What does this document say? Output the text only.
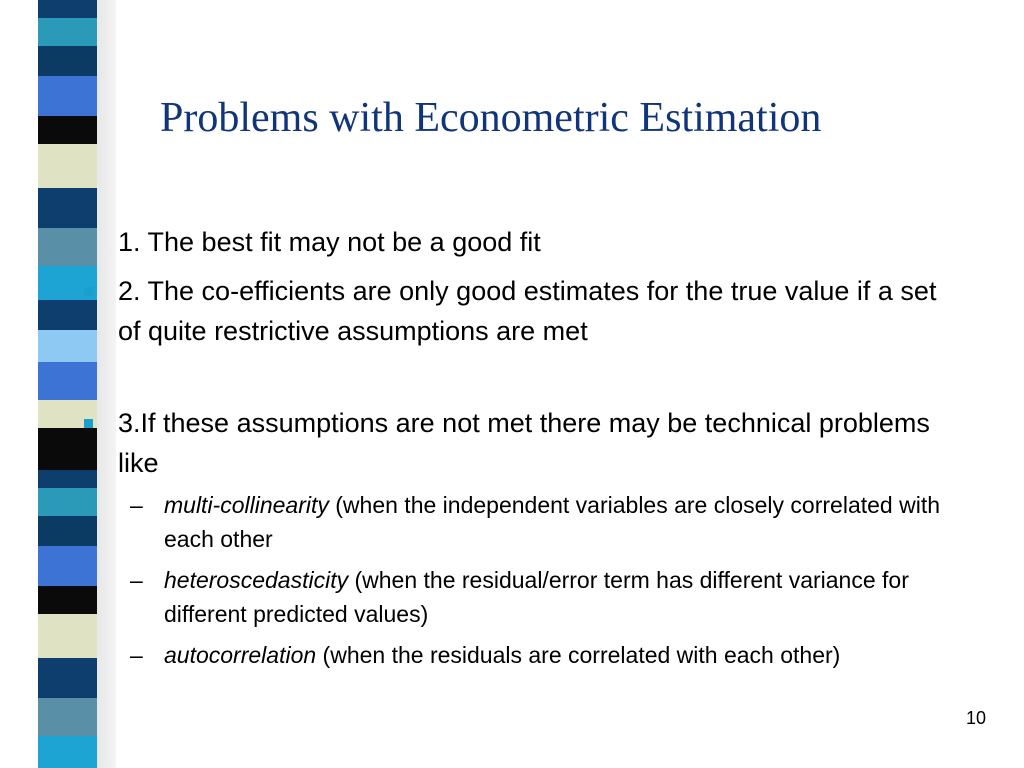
Problems with Econometric Estimation
1. The best fit may not be a good fit
2. The co-efficients are only good estimates for the true value if a set of quite restrictive assumptions are met
3.If these assumptions are not met there may be technical problems like
– multi-collinearity (when the independent variables are closely correlated with each other
– heteroscedasticity (when the residual/error term has different variance for different predicted values)
– autocorrelation (when the residuals are correlated with each other)
10
